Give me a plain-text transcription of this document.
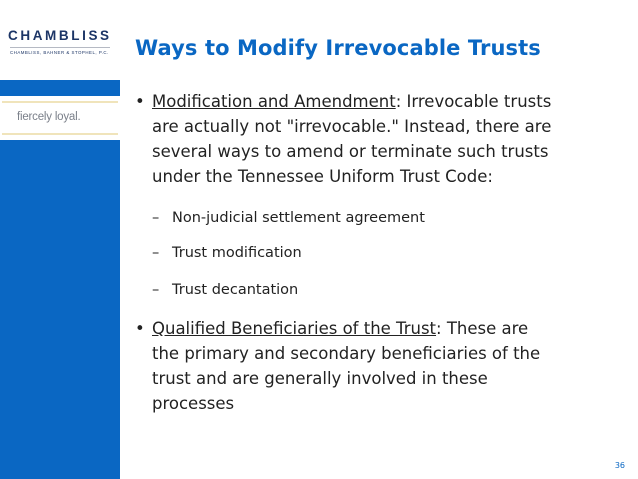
CHAMBLISS
CHAMBLISS, BAHNER & STOPHEL, P.C.
fiercely loyal.
Ways to Modify Irrevocable Trusts
• Modification and Amendment: Irrevocable trusts
are actually not "irrevocable." Instead, there are
several ways to amend or terminate such trusts
under the Tennessee Uniform Trust Code:
– Non-judicial settlement agreement
– Trust modification
– Trust decantation
• Qualified Beneficiaries of the Trust: These are
the primary and secondary beneficiaries of the
trust and are generally involved in these
processes
36
